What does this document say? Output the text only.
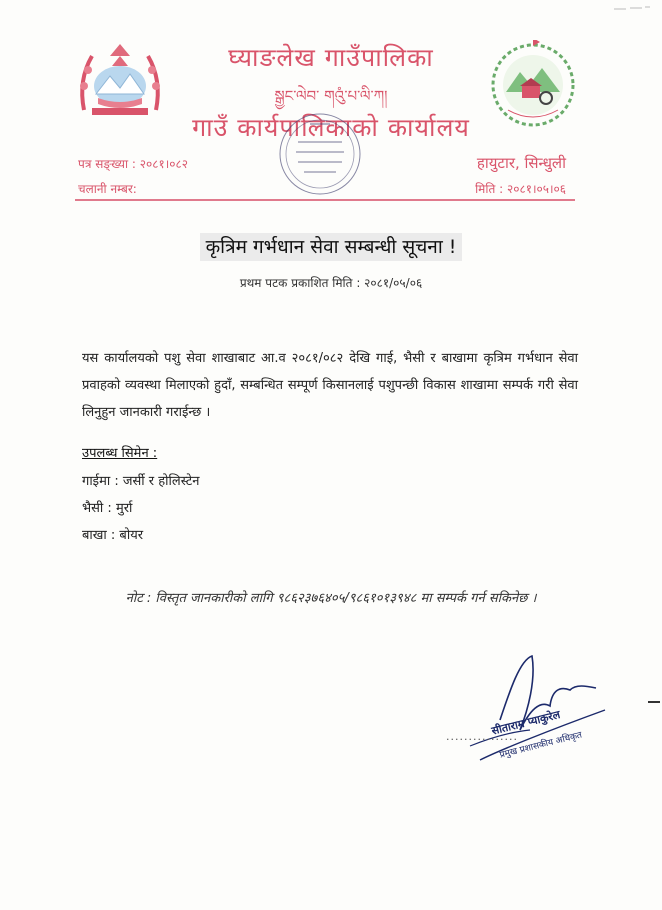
घ्याङलेख गाउँपालिका
སྒྱང་ལེབ་ གའུཾ་པ་ལི་ཀ།
गाउँ कार्यपालिकाको कार्यालय
पत्र सङ्ख्या : २०८१।०८२
चलानी नम्बर:
हायुटार, सिन्धुली
मिति : २०८१।०५।०६
कृत्रिम गर्भधान सेवा सम्बन्धी सूचना !
प्रथम पटक प्रकाशित मिति : २०८१/०५/०६
यस कार्यालयको पशु सेवा शाखाबाट आ.व २०८१/०८२ देखि गाई, भैसी र बाखामा कृत्रिम गर्भधान सेवा प्रवाहको व्यवस्था मिलाएको हुदाँ, सम्बन्धित सम्पूर्ण किसानलाई पशुपन्छी विकास शाखामा सम्पर्क गरी सेवा लिनुहुन जानकारी गराईन्छ ।
उपलब्ध सिमेन :
गाईमा : जर्सी र होलिस्टेन
भैसी : मुर्रा
बाखा : बोयर
नोट : विस्तृत जानकारीको लागि ९८६२३७६४०५/९८६१०१३९४८ मा सम्पर्क गर्न सकिनेछ ।
................
सीताराम प्याकुरेल
प्रमुख प्रशासकीय अधिकृत
